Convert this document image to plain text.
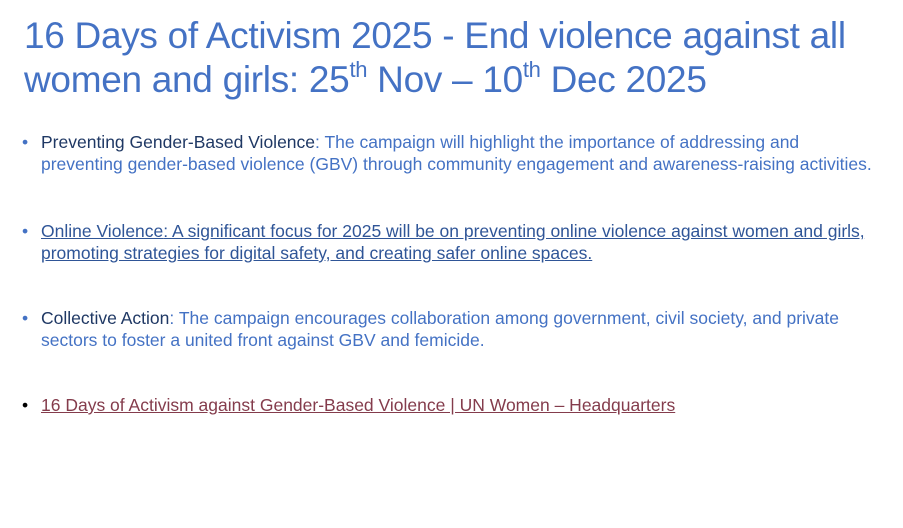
16 Days of Activism 2025 - End violence against all women and girls: 25th Nov – 10th Dec 2025
• Preventing Gender-Based Violence: The campaign will highlight the importance of addressing and preventing gender-based violence (GBV) through community engagement and awareness-raising activities.
• Online Violence: A significant focus for 2025 will be on preventing online violence against women and girls, promoting strategies for digital safety, and creating safer online spaces.
• Collective Action: The campaign encourages collaboration among government, civil society, and private sectors to foster a united front against GBV and femicide.
• 16 Days of Activism against Gender-Based Violence | UN Women – Headquarters
